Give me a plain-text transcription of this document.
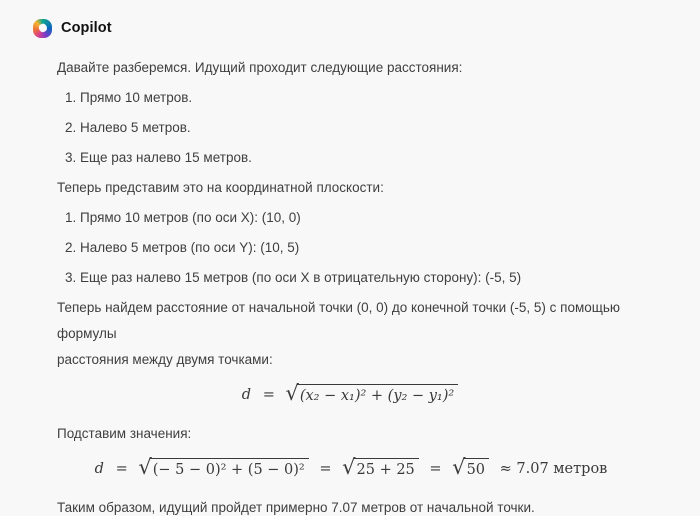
Copilot

Давайте разберемся. Идущий проходит следующие расстояния:

1. Прямо 10 метров.
2. Налево 5 метров.
3. Еще раз налево 15 метров.

Теперь представим это на координатной плоскости:

1. Прямо 10 метров (по оси X): (10, 0)
2. Налево 5 метров (по оси Y): (10, 5)
3. Еще раз налево 15 метров (по оси X в отрицательную сторону): (-5, 5)

Теперь найдем расстояние от начальной точки (0, 0) до конечной точки (-5, 5) с помощью формулы
расстояния между двумя точками:

d = √(x₂ − x₁)² + (y₂ − y₁)²

Подставим значения:

d = √(− 5 − 0)² + (5 − 0)² = √25 + 25 = √50 ≈ 7.07 метров

Таким образом, идущий пройдет примерно 7.07 метров от начальной точки.
